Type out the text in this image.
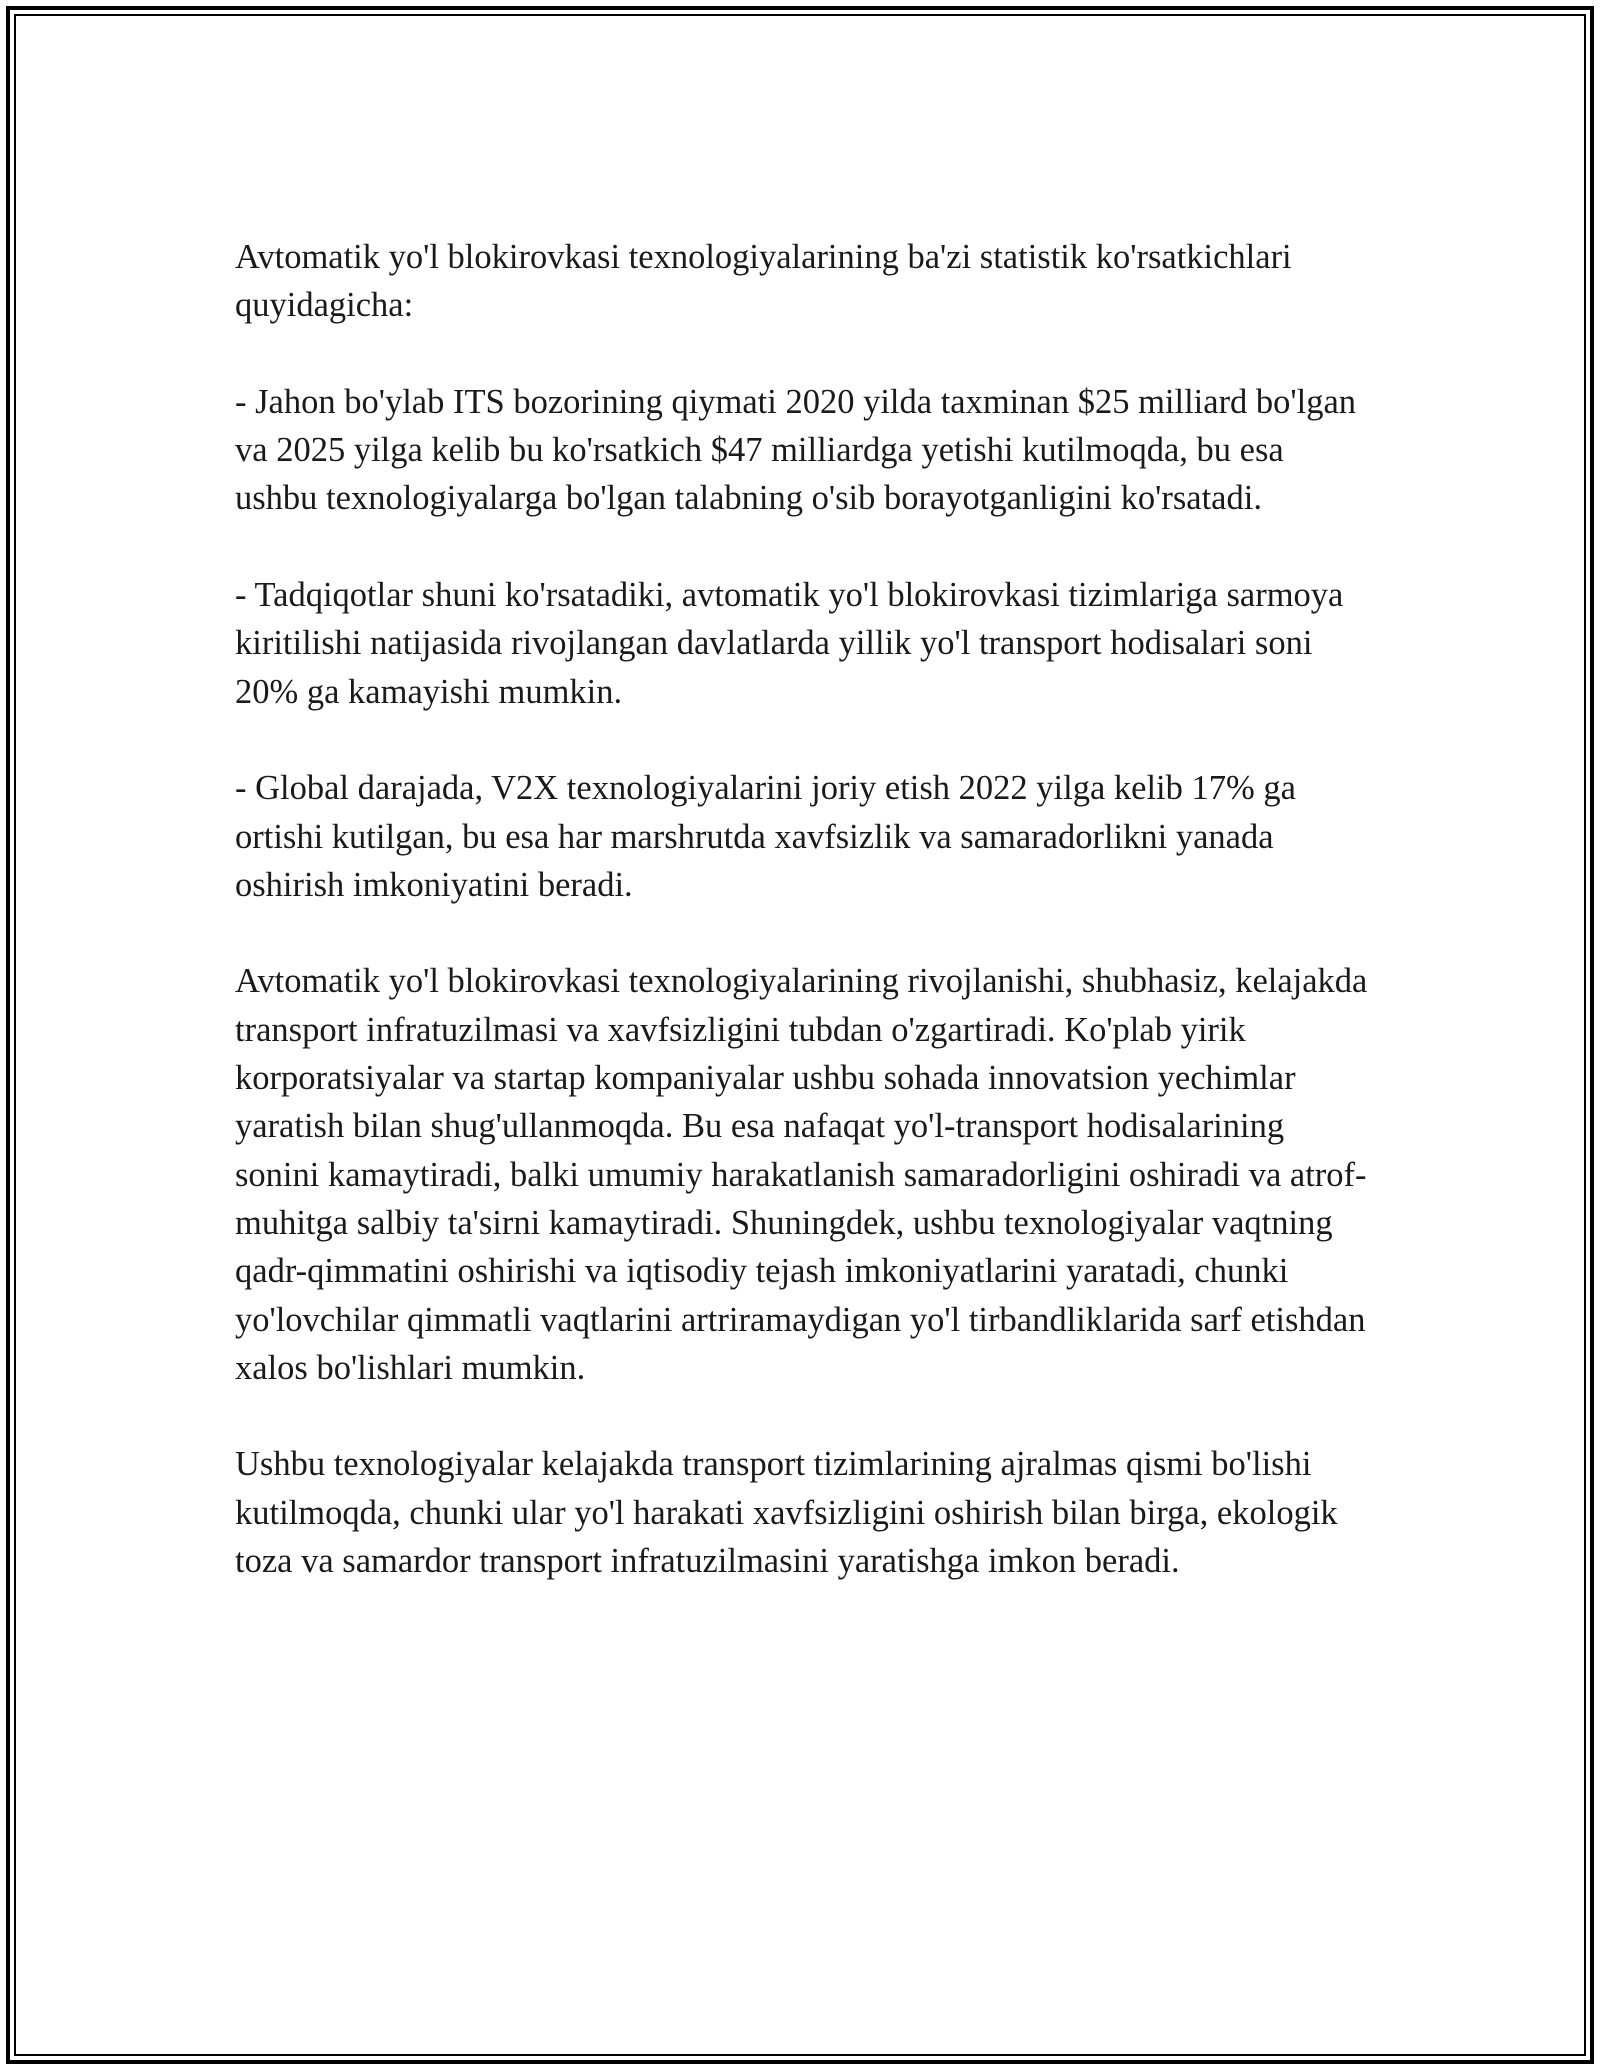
Avtomatik yo'l blokirovkasi texnologiyalarining ba'zi statistik ko'rsatkichlari quyidagicha:

- Jahon bo'ylab ITS bozorining qiymati 2020 yilda taxminan $25 milliard bo'lgan va 2025 yilga kelib bu ko'rsatkich $47 milliardga yetishi kutilmoqda, bu esa ushbu texnologiyalarga bo'lgan talabning o'sib borayotganligini ko'rsatadi.

- Tadqiqotlar shuni ko'rsatadiki, avtomatik yo'l blokirovkasi tizimlariga sarmoya kiritilishi natijasida rivojlangan davlatlarda yillik yo'l transport hodisalari soni 20% ga kamayishi mumkin.

- Global darajada, V2X texnologiyalarini joriy etish 2022 yilga kelib 17% ga ortishi kutilgan, bu esa har marshrutda xavfsizlik va samaradorlikni yanada oshirish imkoniyatini beradi.

Avtomatik yo'l blokirovkasi texnologiyalarining rivojlanishi, shubhasiz, kelajakda transport infratuzilmasi va xavfsizligini tubdan o'zgartiradi. Ko'plab yirik korporatsiyalar va startap kompaniyalar ushbu sohada innovatsion yechimlar yaratish bilan shug'ullanmoqda. Bu esa nafaqat yo'l-transport hodisalarining sonini kamaytiradi, balki umumiy harakatlanish samaradorligini oshiradi va atrof-muhitga salbiy ta'sirni kamaytiradi. Shuningdek, ushbu texnologiyalar vaqtning qadr-qimmatini oshirishi va iqtisodiy tejash imkoniyatlarini yaratadi, chunki yo'lovchilar qimmatli vaqtlarini artriramaydigan yo'l tirbandliklarida sarf etishdan xalos bo'lishlari mumkin.

Ushbu texnologiyalar kelajakda transport tizimlarining ajralmas qismi bo'lishi kutilmoqda, chunki ular yo'l harakati xavfsizligini oshirish bilan birga, ekologik toza va samardor transport infratuzilmasini yaratishga imkon beradi.
